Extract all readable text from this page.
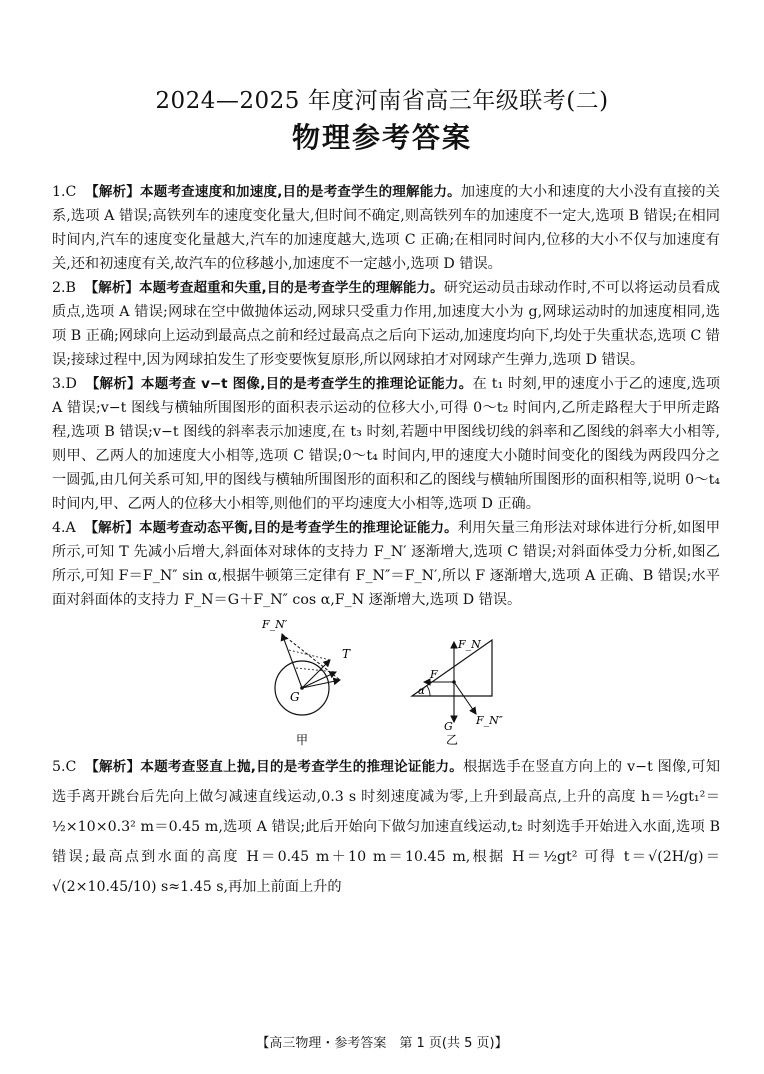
2024—2025 年度河南省高三年级联考(二)
物理参考答案

1.C 【解析】本题考查速度和加速度,目的是考查学生的理解能力。加速度的大小和速度的大小没有直接的关系,选项 A 错误;高铁列车的速度变化量大,但时间不确定,则高铁列车的加速度不一定大,选项 B 错误;在相同时间内,汽车的速度变化量越大,汽车的加速度越大,选项 C 正确;在相同时间内,位移的大小不仅与加速度有关,还和初速度有关,故汽车的位移越小,加速度不一定越小,选项 D 错误。

2.B 【解析】本题考查超重和失重,目的是考查学生的理解能力。研究运动员击球动作时,不可以将运动员看成质点,选项 A 错误;网球在空中做抛体运动,网球只受重力作用,加速度大小为 g,网球运动时的加速度相同,选项 B 正确;网球向上运动到最高点之前和经过最高点之后向下运动,加速度均向下,均处于失重状态,选项 C 错误;接球过程中,因为网球拍发生了形变要恢复原形,所以网球拍才对网球产生弹力,选项 D 错误。

3.D 【解析】本题考查 v−t 图像,目的是考查学生的推理论证能力。在 t₁ 时刻,甲的速度小于乙的速度,选项 A 错误;v−t 图线与横轴所围图形的面积表示运动的位移大小,可得 0～t₂ 时间内,乙所走路程大于甲所走路程,选项 B 错误;v−t 图线的斜率表示加速度,在 t₃ 时刻,若题中甲图线切线的斜率和乙图线的斜率大小相等,则甲、乙两人的加速度大小相等,选项 C 错误;0～t₄ 时间内,甲的速度大小随时间变化的图线为两段四分之一圆弧,由几何关系可知,甲的图线与横轴所围图形的面积和乙的图线与横轴所围图形的面积相等,说明 0～t₄ 时间内,甲、乙两人的位移大小相等,则他们的平均速度大小相等,选项 D 正确。

4.A 【解析】本题考查动态平衡,目的是考查学生的推理论证能力。利用矢量三角形法对球体进行分析,如图甲所示,可知 T 先减小后增大,斜面体对球体的支持力 F_N′ 逐渐增大,选项 C 错误;对斜面体受力分析,如图乙所示,可知 F＝F_N″ sin α,根据牛顿第三定律有 F_N″＝F_N′,所以 F 逐渐增大,选项 A 正确、B 错误;水平面对斜面体的支持力 F_N＝G＋F_N″ cos α,F_N 逐渐增大,选项 D 错误。

F_N′
T
G
甲
F_N
F
α
G F_N″
乙

5.C 【解析】本题考查竖直上抛,目的是考查学生的推理论证能力。根据选手在竖直方向上的 v−t 图像,可知选手离开跳台后先向上做匀减速直线运动,0.3 s 时刻速度减为零,上升到最高点,上升的高度 h＝½gt₁²＝½×10×0.3² m＝0.45 m,选项 A 错误;此后开始向下做匀加速直线运动,t₂ 时刻选手开始进入水面,选项 B 错误;最高点到水面的高度 H＝0.45 m＋10 m＝10.45 m,根据 H＝½gt² 可得 t＝√(2H/g)＝√(2×10.45/10) s≈1.45 s,再加上前面上升的

【高三物理・参考答案　第 1 页(共 5 页)】
